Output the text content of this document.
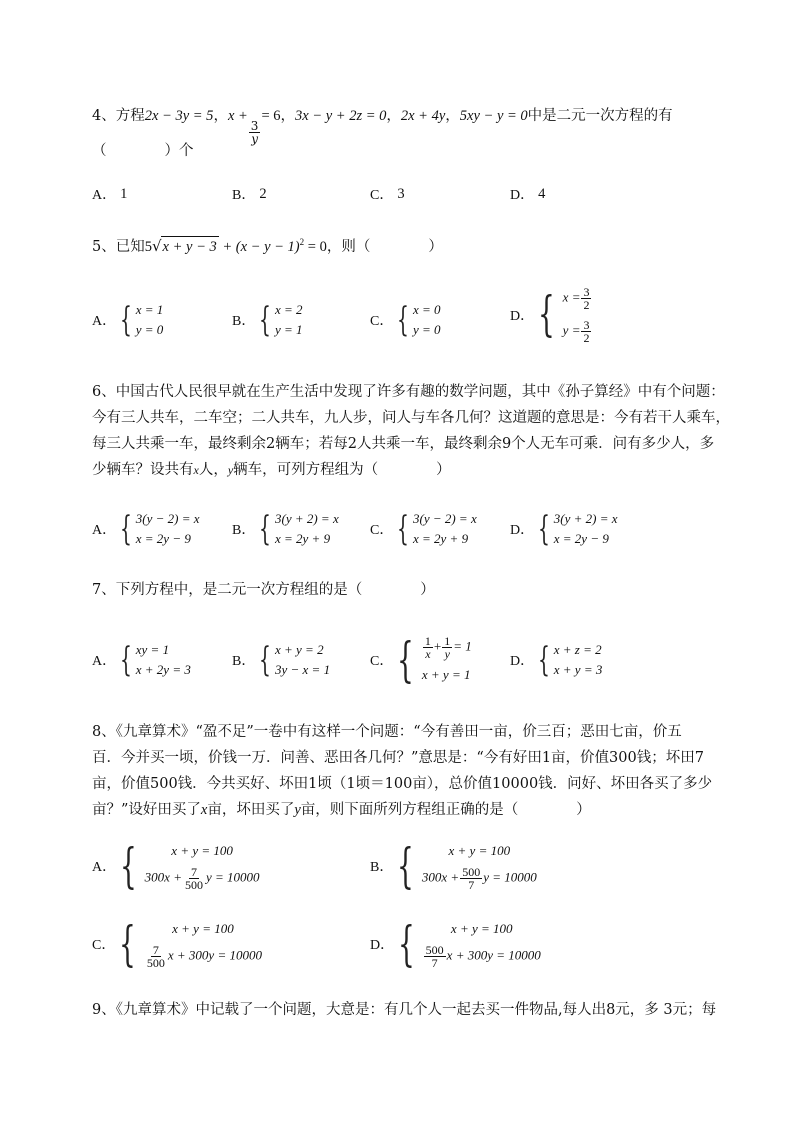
4、方程2x − 3y = 5，x +
$\frac{3}{y}$
= 6，3x − y + 2z = 0，2x + 4y，5xy − y = 0中是二元一次方程的有
（　　　　）个
A． 1	B． 2	C． 3	D． 4
5、已知$5√x + y - 3 + (x - y - 1)^2 = 0$，则（　　　　）
A． { x = 1
y = 0
B． { x = 2
y = 1
C． { x = 0
y = 0
D． { $x = \frac{3}{2}$
$y = \frac{3}{2}$
6、中国古代人民很早就在生产生活中发现了许多有趣的数学问题，其中《孙子算经》中有个问题：
今有三人共车，二车空；二人共车，九人步，问人与车各几何？这道题的意思是：今有若干人乘车，
每三人共乘一车，最终剩余2辆车；若每2人共乘一车，最终剩余9个人无车可乘．问有多少人，多
少辆车？设共有x人，y辆车，可列方程组为（　　　　）
A． { 3(y − 2) = x
x = 2y − 9
B． { 3(y + 2) = x
x = 2y + 9
C． { 3(y − 2) = x
x = 2y + 9
D． { 3(y + 2) = x
x = 2y − 9
7、下列方程中，是二元一次方程组的是（　　　　）
A． { xy = 1
x + 2y = 3
B． { x + y = 2
3y − x = 1
C． { $\frac{1}{x} + \frac{1}{y} = 1$
x + y = 1
D． { x + z = 2
x + y = 3
8、《九章算术》“盈不足”一卷中有这样一个问题：“今有善田一亩，价三百；恶田七亩，价五
百．今并买一顷，价钱一万．问善、恶田各几何？”意思是：“今有好田1亩，价值300钱；坏田7
亩，价值500钱．今共买好、坏田1顷（1顷＝100亩），总价值10000钱．问好、坏田各买了多少
亩？”设好田买了x亩，坏田买了y亩，则下面所列方程组正确的是（　　　　）
A． {	x + y = 100
$300x + \frac{7}{500}$ y = 10000
B． {	x + y = 100
$300x + \frac{500}{7}$ y = 10000
C． {	x + y = 100
$\frac{7}{500}$ x + 300y = 10000
D． {	x + y = 100
$\frac{500}{7}$ x + 300y = 10000
9、《九章算术》中记载了一个问题，大意是：有几个人一起去买一件物品,每人出8元，多 3元；每
